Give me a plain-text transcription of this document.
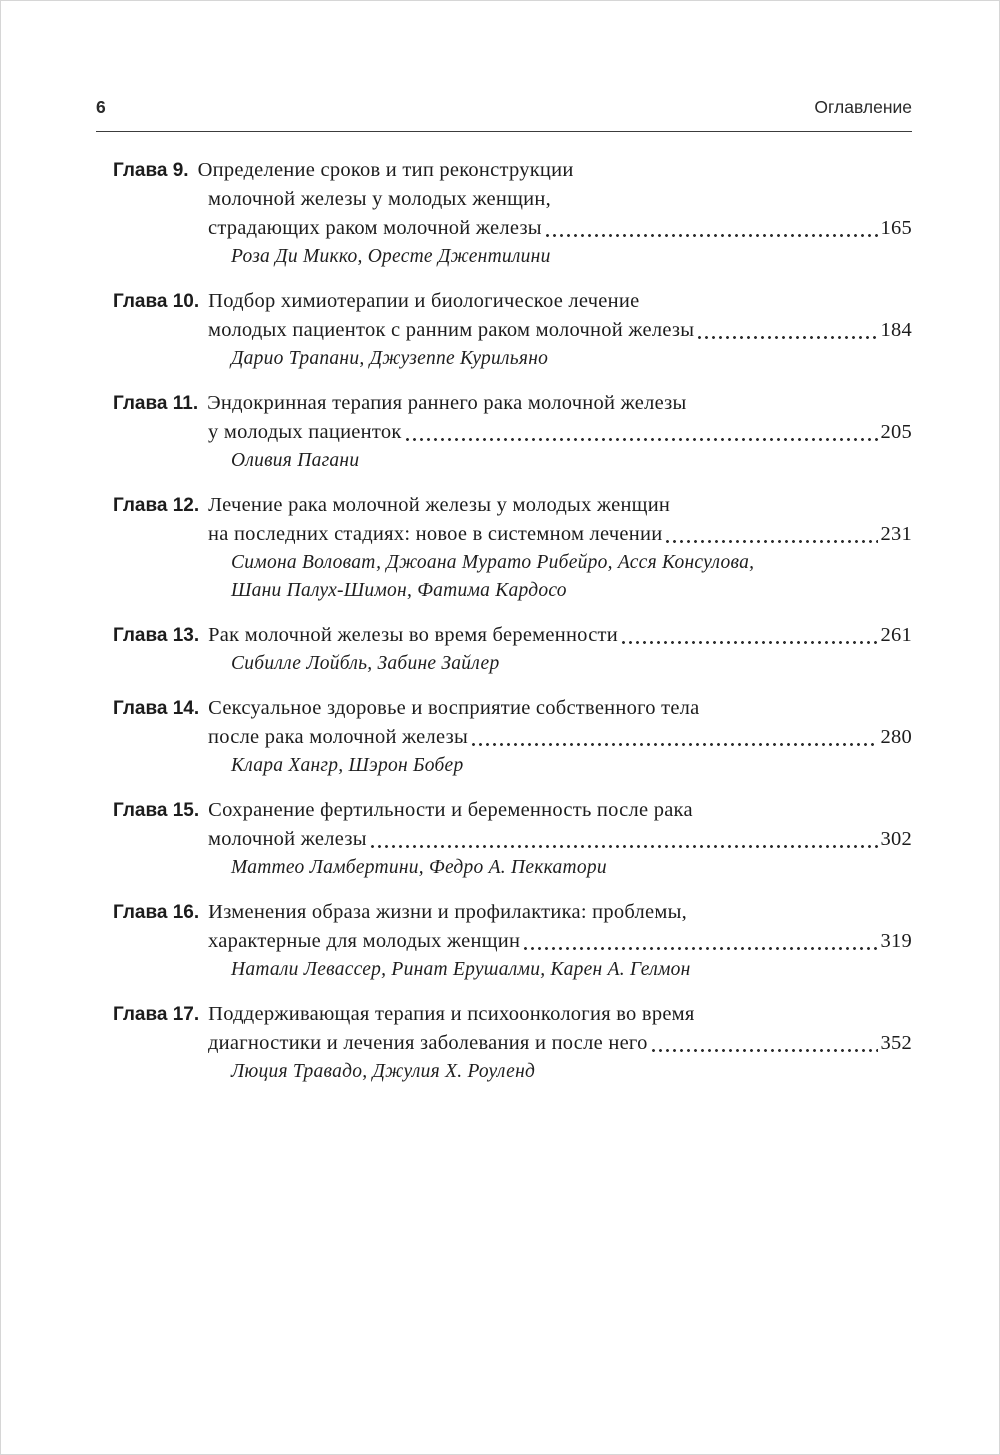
6	Оглавление
Глава 9. Определение сроков и тип реконструкции
молочной железы у молодых женщин,
страдающих раком молочной железы	165
Роза Ди Микко, Оресте Джентилини
Глава 10. Подбор химиотерапии и биологическое лечение
молодых пациенток с ранним раком молочной железы	184
Дарио Трапани, Джузеппе Курильяно
Глава 11. Эндокринная терапия раннего рака молочной железы
у молодых пациенток	205
Оливия Пагани
Глава 12. Лечение рака молочной железы у молодых женщин
на последних стадиях: новое в системном лечении	231
Симона Воловат, Джоана Мурато Рибейро, Асся Консулова,
Шани Палух-Шимон, Фатима Кардосо
Глава 13. Рак молочной железы во время беременности	261
Сибилле Лойбль, Забине Зайлер
Глава 14. Сексуальное здоровье и восприятие собственного тела
после рака молочной железы	280
Клара Хангр, Шэрон Бобер
Глава 15. Сохранение фертильности и беременность после рака
молочной железы	302
Маттео Ламбертини, Федро А. Пеккатори
Глава 16. Изменения образа жизни и профилактика: проблемы,
характерные для молодых женщин	319
Натали Левассер, Ринат Ерушалми, Карен А. Гелмон
Глава 17. Поддерживающая терапия и психоонкология во время
диагностики и лечения заболевания и после него	352
Люция Травадо, Джулия Х. Роуленд
